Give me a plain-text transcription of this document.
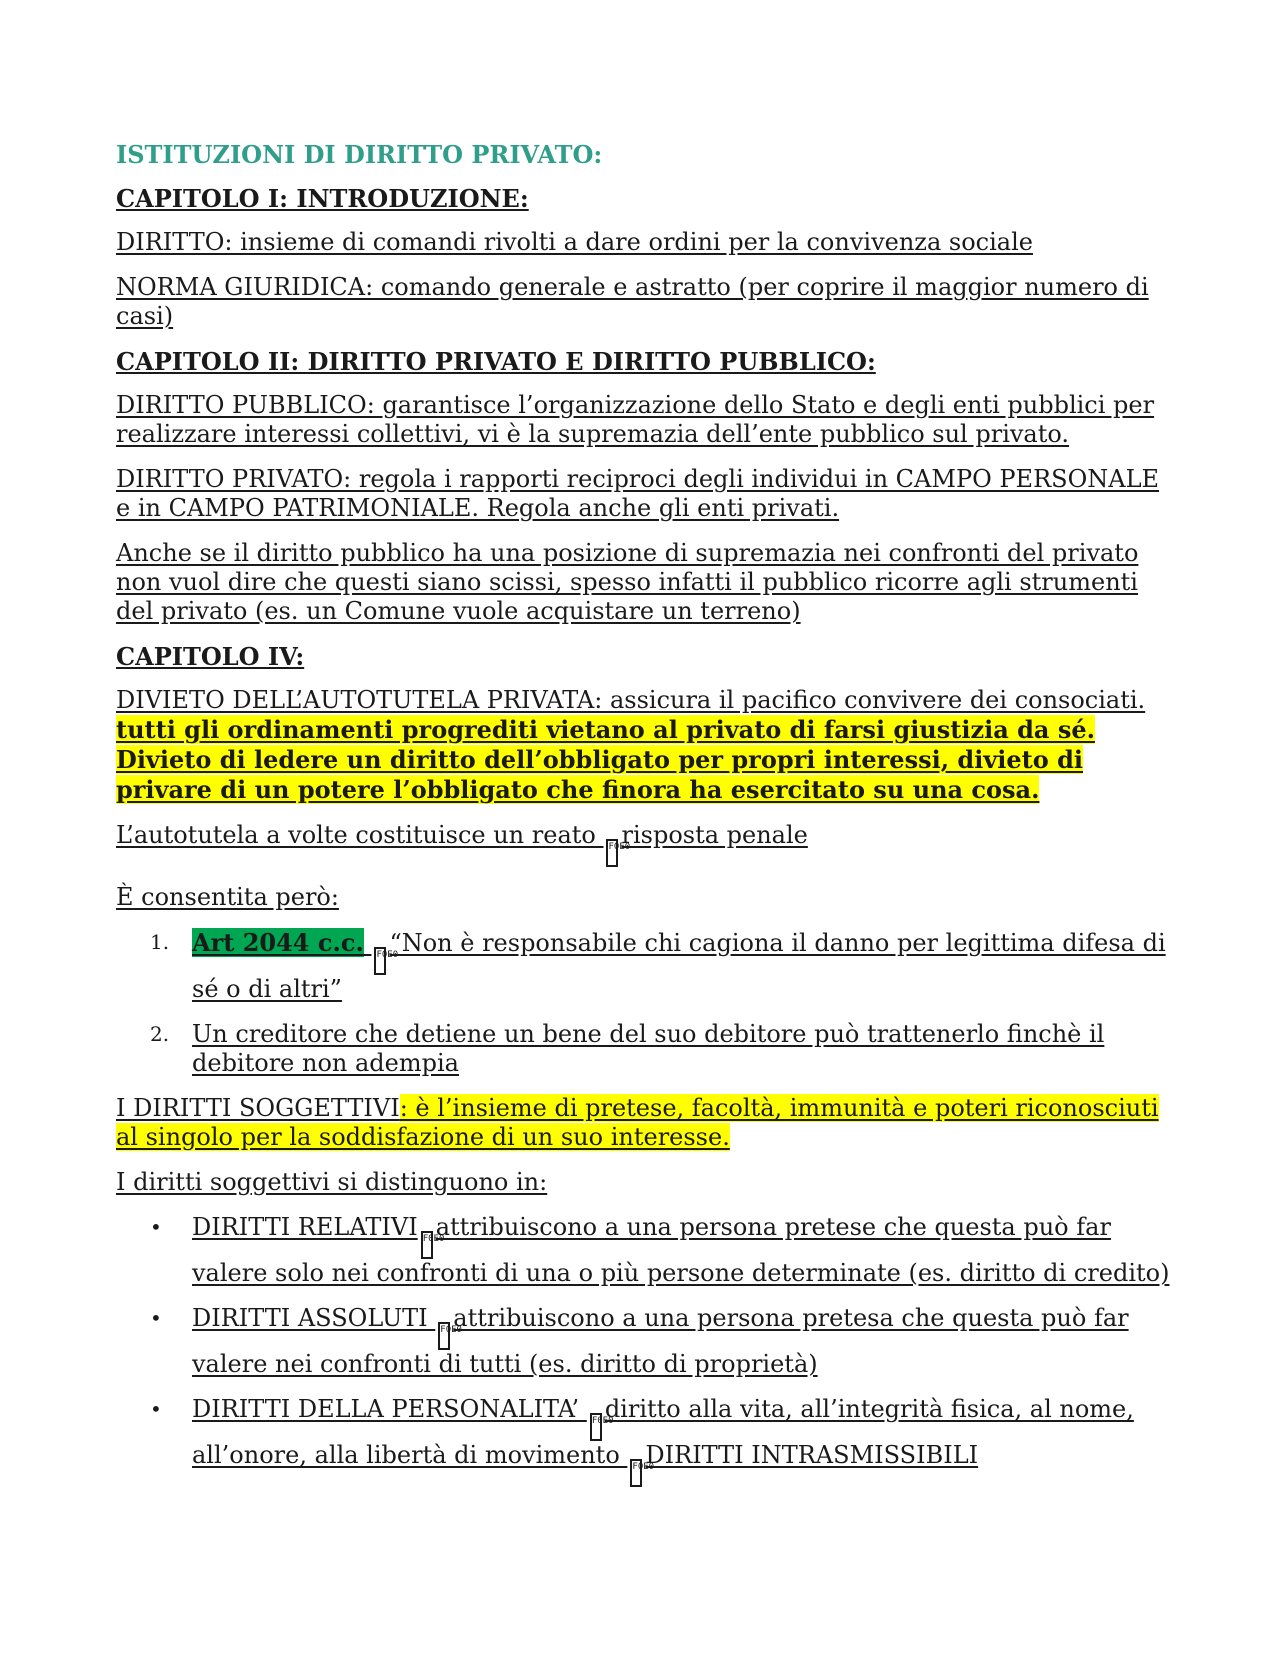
ISTITUZIONI DI DIRITTO PRIVATO:
CAPITOLO I: INTRODUZIONE:
DIRITTO: insieme di comandi rivolti a dare ordini per la convivenza sociale
NORMA GIURIDICA: comando generale e astratto (per coprire il maggior numero di casi)
CAPITOLO II: DIRITTO PRIVATO E DIRITTO PUBBLICO:
DIRITTO PUBBLICO: garantisce l’organizzazione dello Stato e degli enti pubblici per realizzare interessi collettivi, vi è la supremazia dell’ente pubblico sul privato.
DIRITTO PRIVATO: regola i rapporti reciproci degli individui in CAMPO PERSONALE e in CAMPO PATRIMONIALE. Regola anche gli enti privati.
Anche se il diritto pubblico ha una posizione di supremazia nei confronti del privato non vuol dire che questi siano scissi, spesso infatti il pubblico ricorre agli strumenti del privato (es. un Comune vuole acquistare un terreno)
CAPITOLO IV:
DIVIETO DELL’AUTOTUTELA PRIVATA: assicura il pacifico convivere dei consociati. tutti gli ordinamenti progrediti vietano al privato di farsi giustizia da sé. Divieto di ledere un diritto dell’obbligato per propri interessi, divieto di privare di un potere l’obbligato che finora ha esercitato su una cosa.
L’autotutela a volte costituisce un reato F0E0risposta penale
È consentita però:
1. Art 2044 c.c. F0E0“Non è responsabile chi cagiona il danno per legittima difesa di sé o di altri”
2. Un creditore che detiene un bene del suo debitore può trattenerlo finchè il debitore non adempia
I DIRITTI SOGGETTIVI: è l’insieme di pretese, facoltà, immunità e poteri riconosciuti al singolo per la soddisfazione di un suo interesse.
I diritti soggettivi si distinguono in:
• DIRITTI RELATIVI F0E0attribuiscono a una persona pretese che questa può far valere solo nei confronti di una o più persone determinate (es. diritto di credito)
• DIRITTI ASSOLUTI F0E0attribuiscono a una persona pretesa che questa può far valere nei confronti di tutti (es. diritto di proprietà)
• DIRITTI DELLA PERSONALITA’ F0E0diritto alla vita, all’integrità fisica, al nome, all’onore, alla libertà di movimento F0E0DIRITTI INTRASMISSIBILI
